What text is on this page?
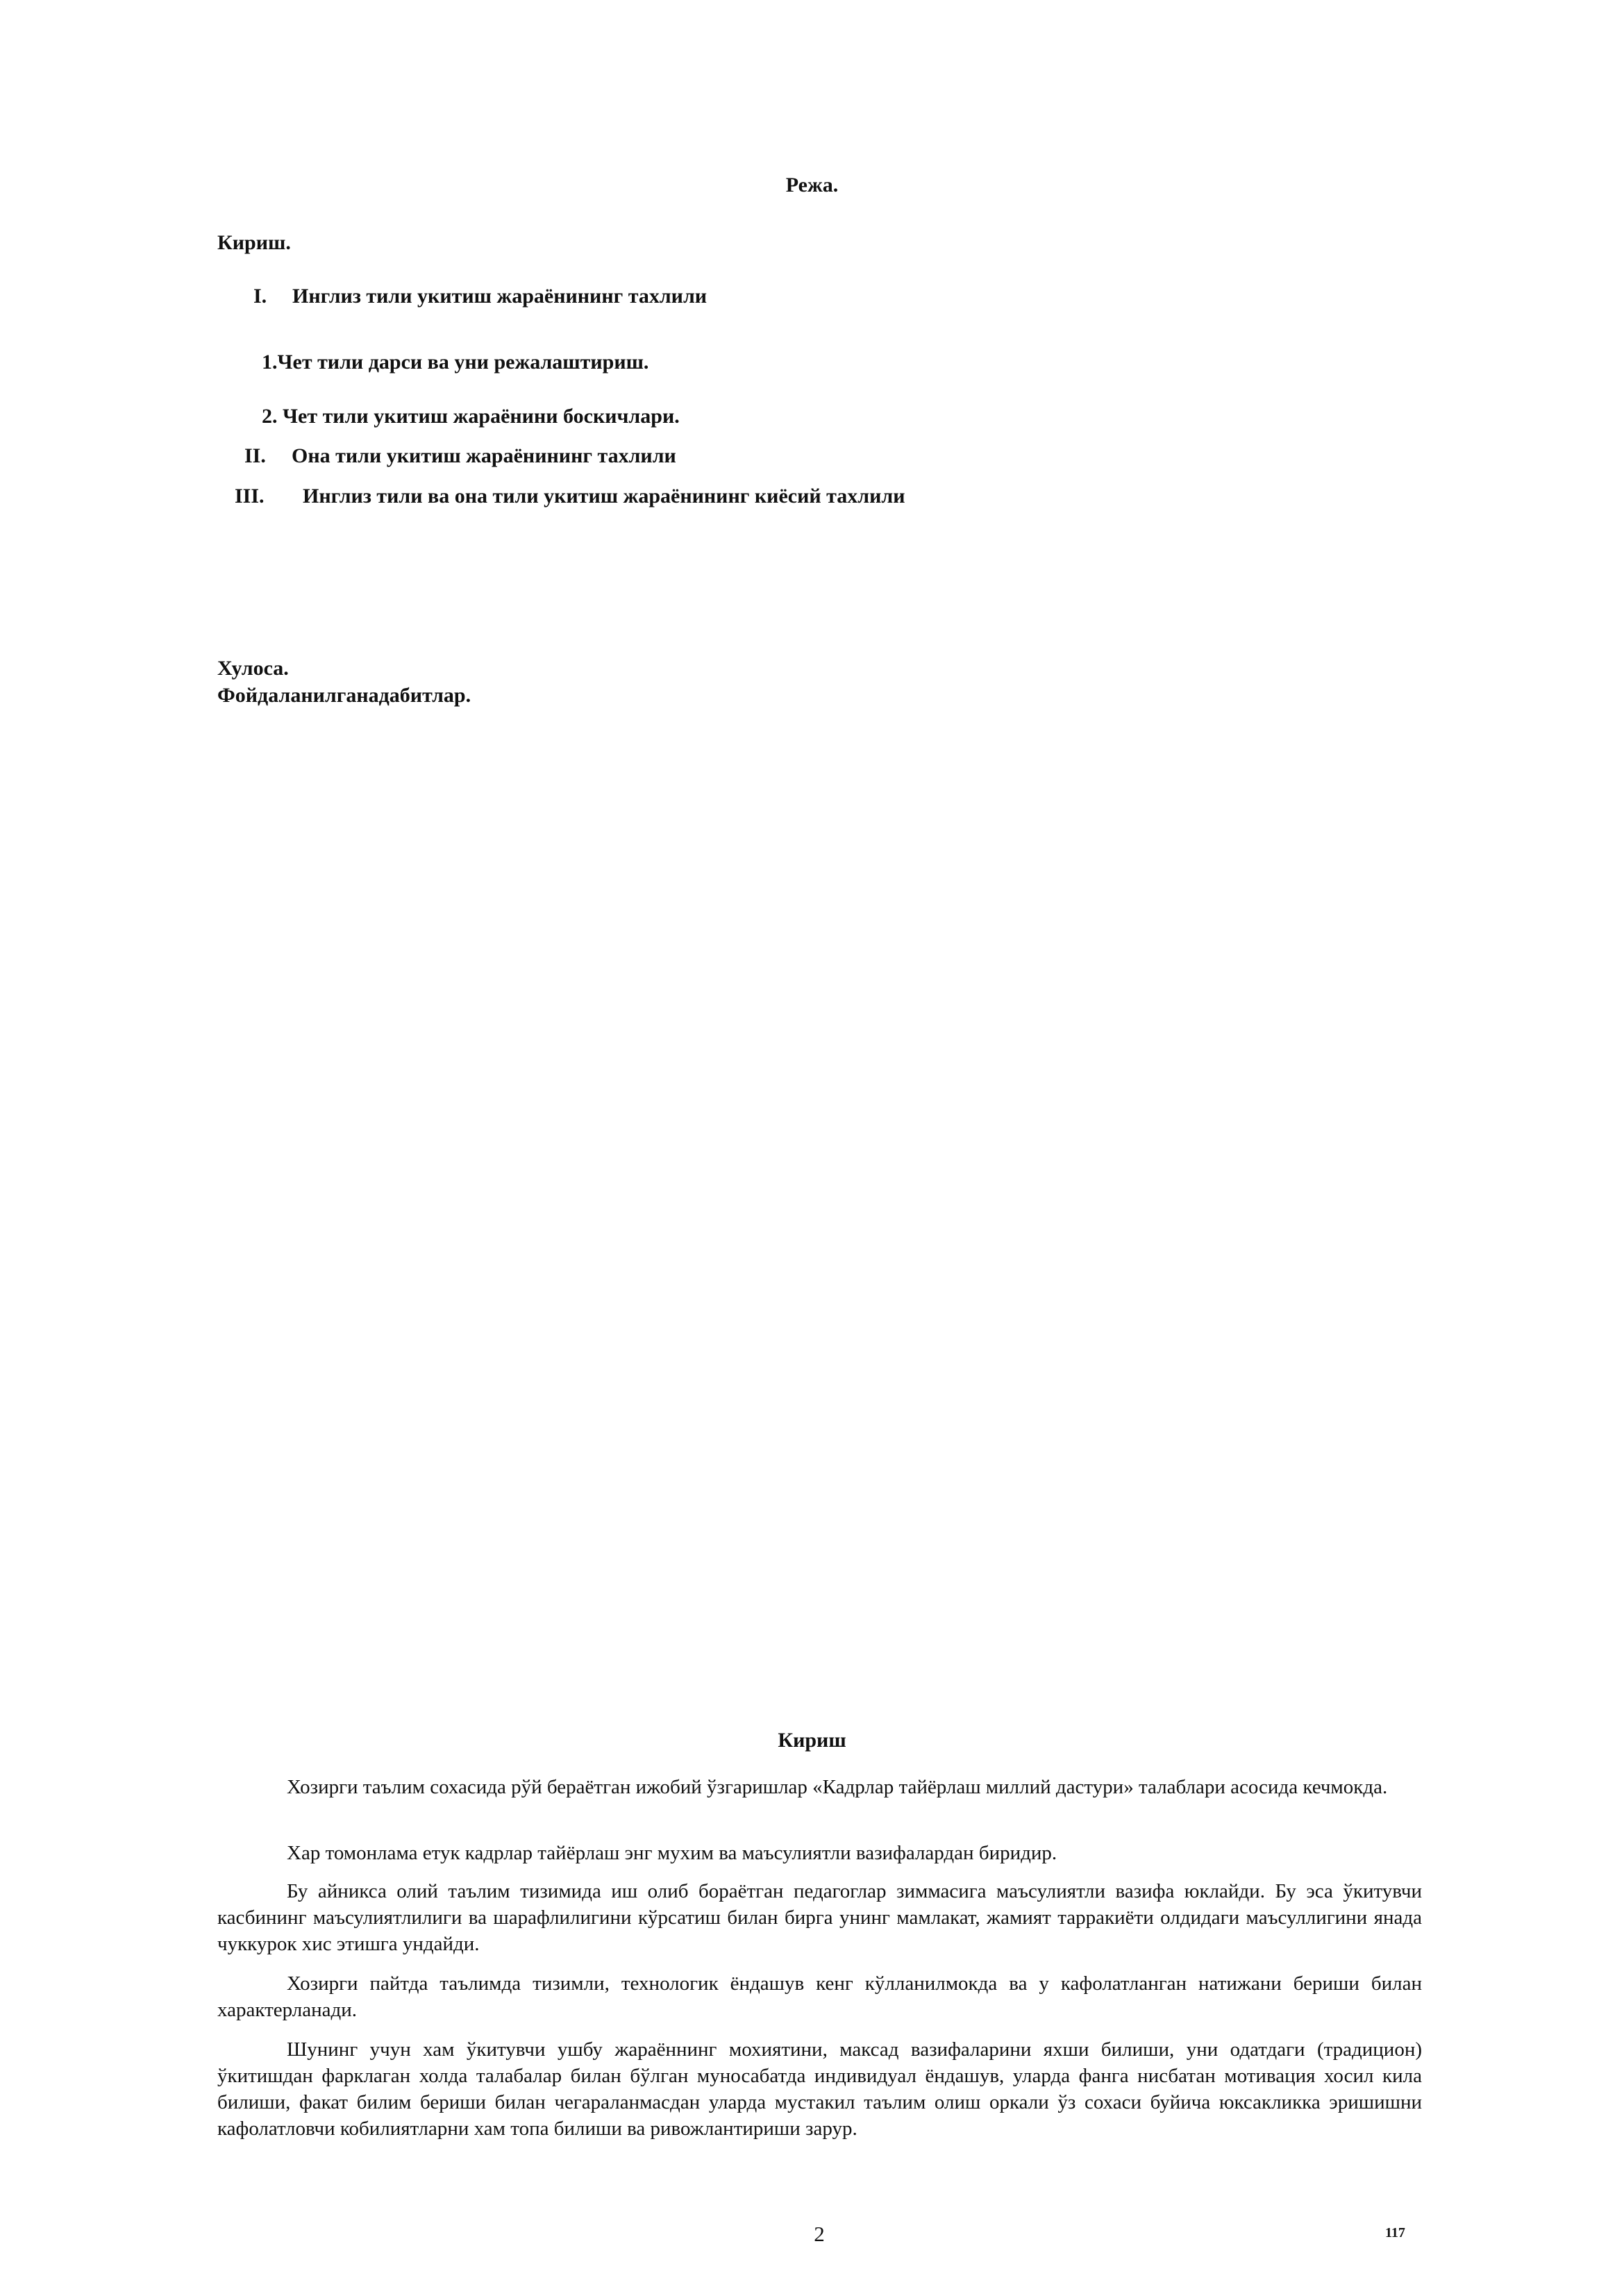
Режа.
Кириш.
I. Инглиз тили укитиш жараёнининг тахлили
1.Чет тили дарси ва уни режалаштириш.
2. Чет тили укитиш жараёнини боскичлари.
II. Она тили укитиш жараёнининг тахлили
III. Инглиз тили ва она тили укитиш жараёнининг киёсий тахлили
Хулоса.
Фойдаланилганадабитлар.
Кириш

Хозирги таълим сохасида рўй бераётган ижобий ўзгаришлар «Кадрлар тайёрлаш миллий дастури» талаблари асосида кечмокда.

Хар томонлама етук кадрлар тайёрлаш энг мухим ва маъсулиятли вазифалардан биридир.

Бу айникса олий таълим тизимида иш олиб бораётган педагоглар зиммасига маъсулиятли вазифа юклайди. Бу эса ўкитувчи касбининг маъсулиятлилиги ва шарафлилигини кўрсатиш билан бирга унинг мамлакат, жамият тарракиёти олдидаги маъсуллигини янада чуккурок хис этишга ундайди.

Хозирги пайтда таълимда тизимли, технологик ёндашув кенг кўлланилмокда ва у кафолатланган натижани бериши билан характерланади.

Шунинг учун хам ўкитувчи ушбу жараённинг мохиятини, максад вазифаларини яхши билиши, уни одатдаги (традицион) ўкитишдан фарклаган холда талабалар билан бўлган муносабатда индивидуал ёндашув, уларда фанга нисбатан мотивация хосил кила билиши, факат билим бериши билан чегараланмасдан уларда мустакил таълим олиш оркали ўз сохаси буйича юксакликка эришишни кафолатловчи кобилиятларни хам топа билиши ва ривожлантириши зарур.

2	117
